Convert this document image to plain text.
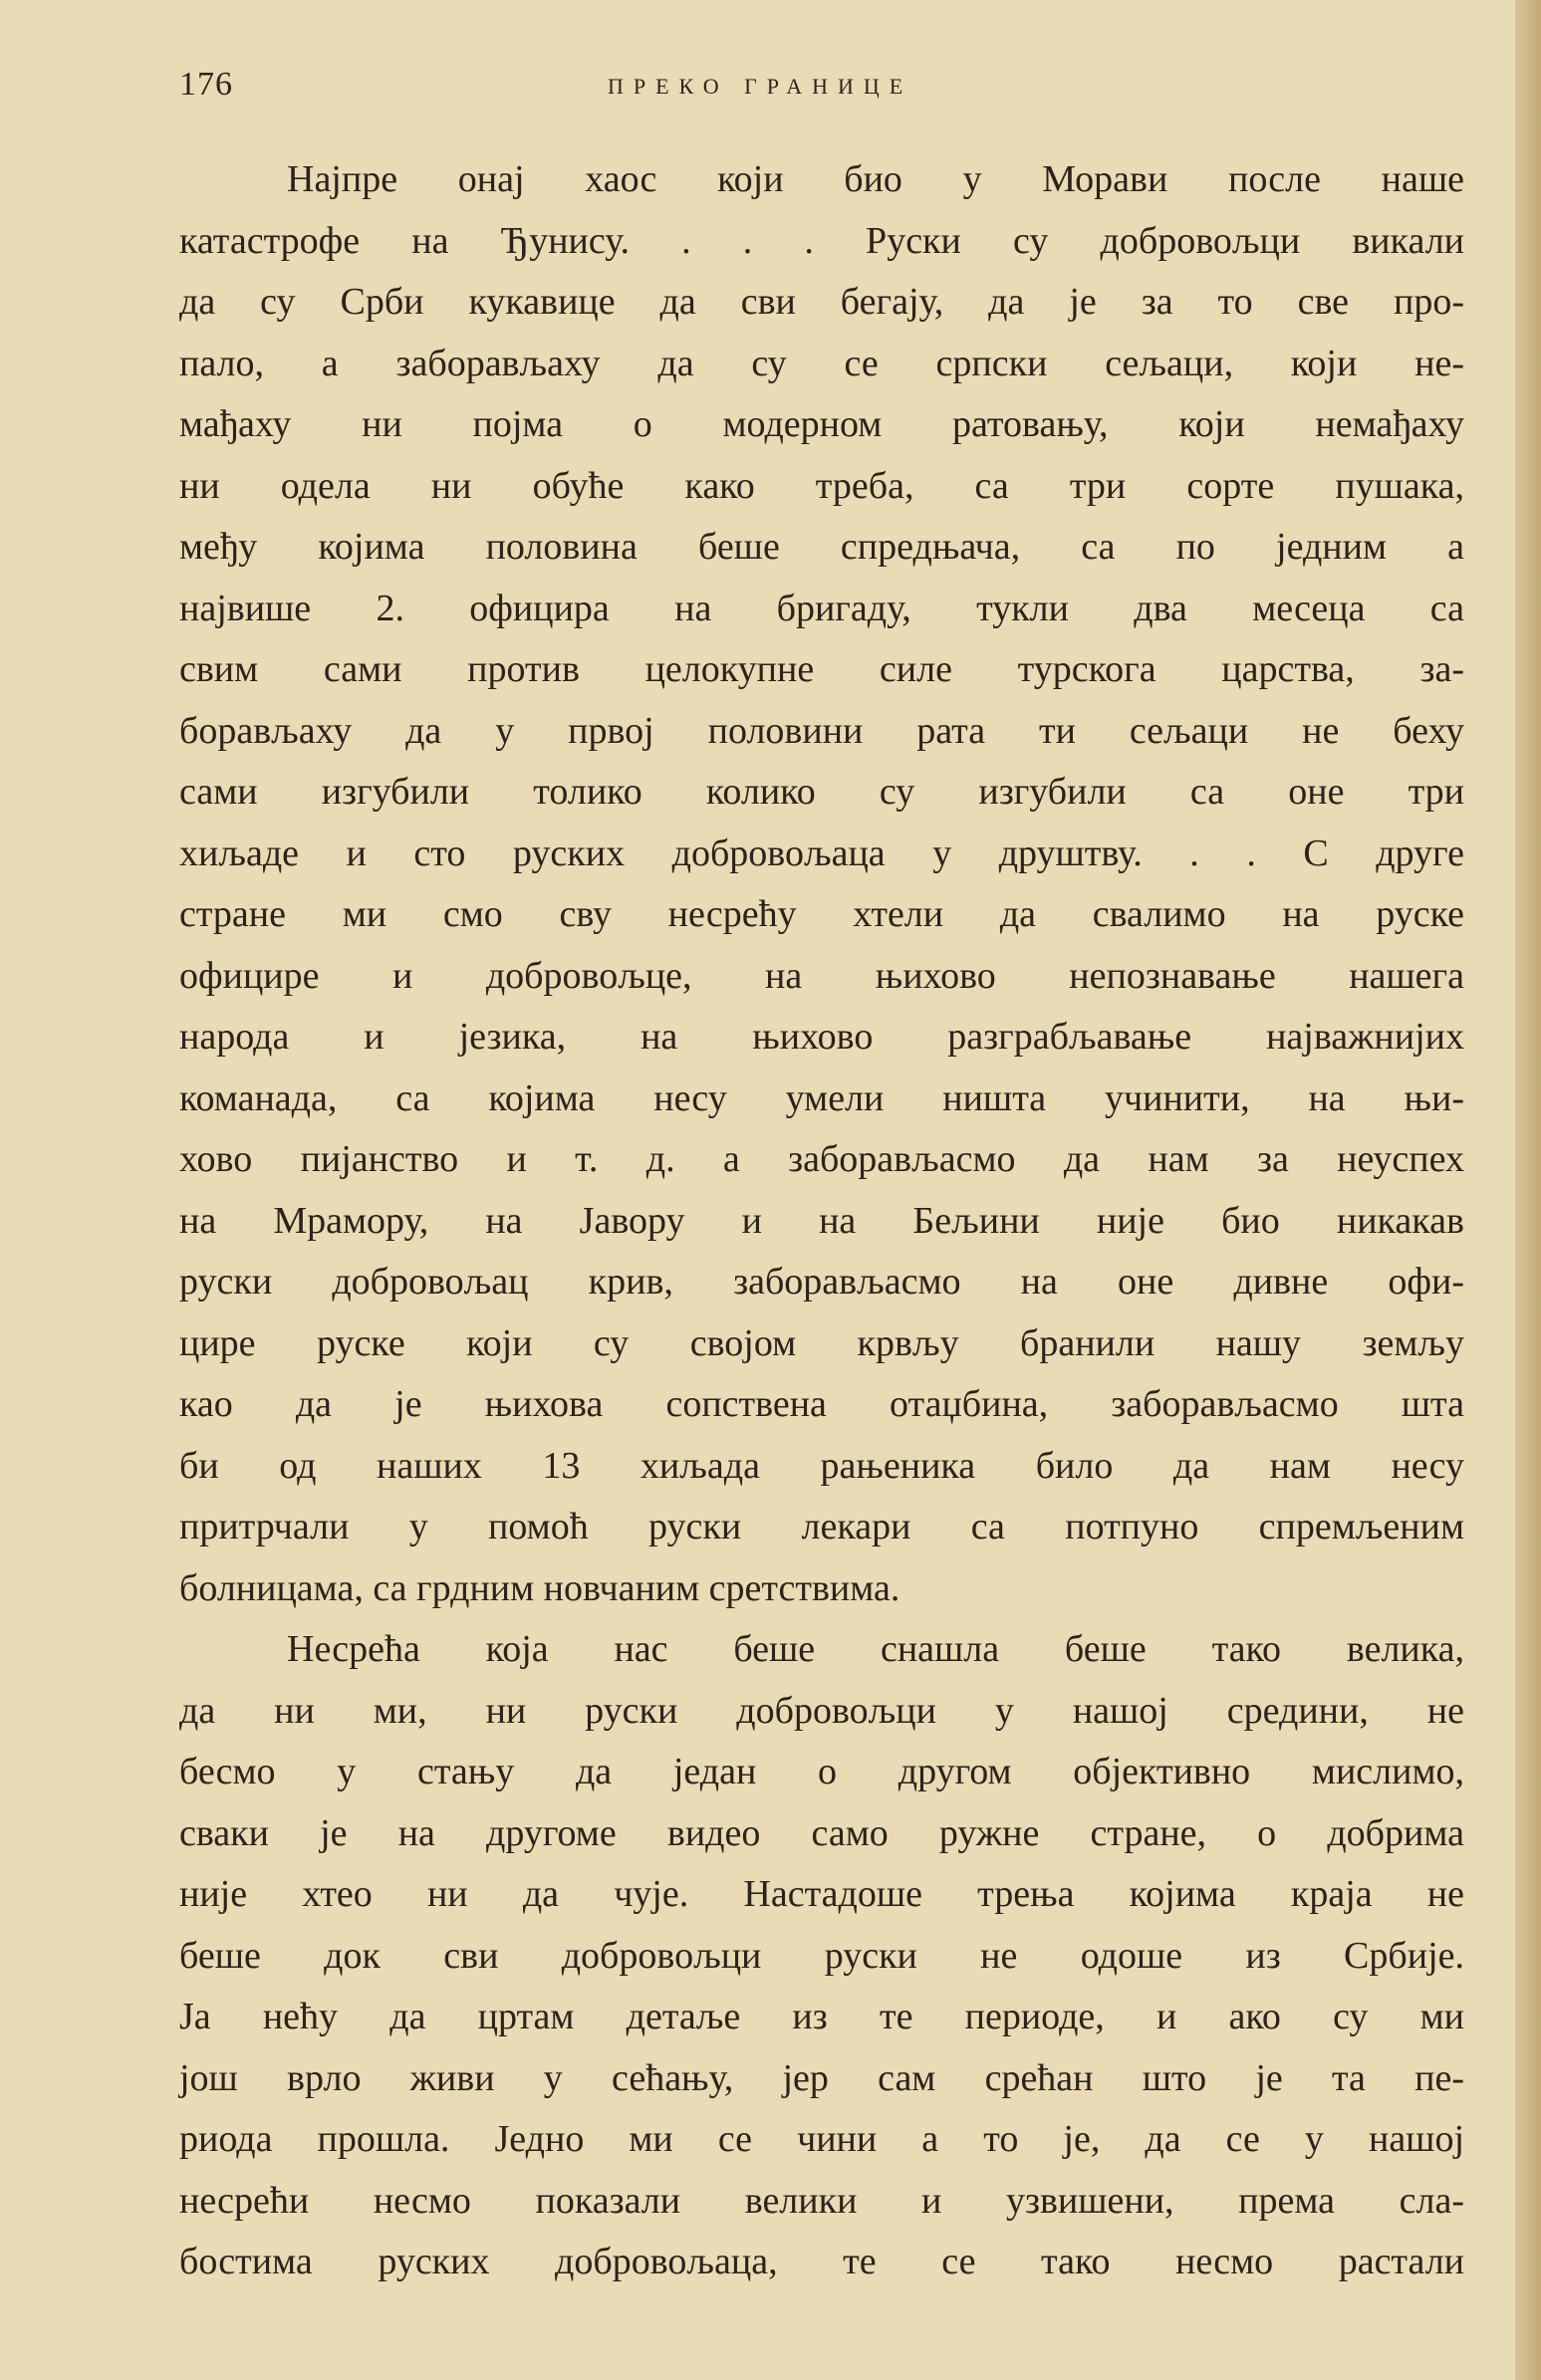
176	ПРЕКО ГРАНИЦЕ
Најпре онај хаос који био у Морави после наше
катастрофе на Ђунису. . . . Руски су добровољци викали
да су Срби кукавице да сви бегају, да је за то све про-
пало, а заборављаху да су се српски сељаци, који не-
мађаху ни појма о модерном ратовању, који немађаху
ни одела ни обуће како треба, са три сорте пушака,
међу којима половина беше спредњача, са по једним а
највише 2. официра на бригаду, тукли два месеца са
свим сами против целокупне силе турскога царства, за-
борављаху да у првој половини рата ти сељаци не беху
сами изгубили толико колико су изгубили са оне три
хиљаде и сто руских добровољаца у друштву. . . С друге
стране ми смо сву несрећу хтели да свалимо на руске
официре и добровољце, на њихово непознавање нашега
народа и језика, на њихово разграбљавање најважнијих
команада, са којима несу умели ништа учинити, на њи-
хово пијанство и т. д. а заборављасмо да нам за неуспех
на Мрамору, на Јавору и на Бељини није био никакав
руски добровољац крив, заборављасмо на оне дивне офи-
цире руске који су својом крвљу бранили нашу земљу
као да је њихова сопствена отаџбина, заборављасмо шта
би од наших 13 хиљада рањеника било да нам несу
притрчали у помоћ руски лекари са потпуно спремљеним
болницама, са грдним новчаним сретствима.
Несрећа која нас беше снашла беше тако велика,
да ни ми, ни руски добровољци у нашој средини, не
бесмо у стању да један о другом објективно мислимо,
сваки је на другоме видео само ружне стране, о добрима
није хтео ни да чује. Настадоше трења којима краја не
беше док сви добровољци руски не одоше из Србије.
Ја нећу да цртам детаље из те периоде, и ако су ми
још врло живи у сећању, јер сам срећан што је та пе-
риода прошла. Једно ми се чини а то је, да се у нашој
несрећи несмо показали велики и узвишени, према сла-
бостима руских добровољаца, те се тако несмо растали
